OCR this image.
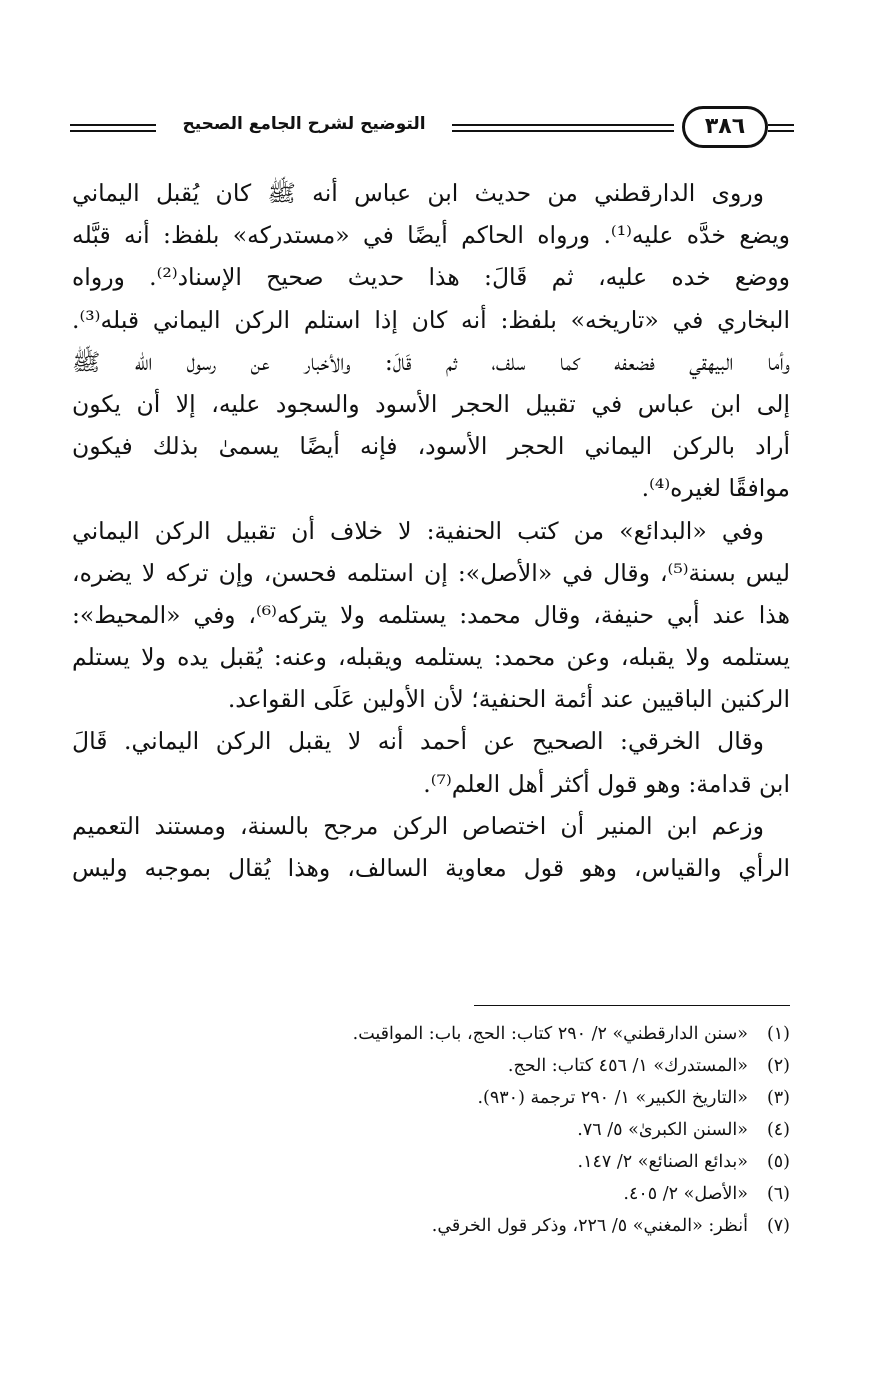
التوضيح لشرح الجامع الصحيح	٣٨٦
وروى الدارقطني من حديث ابن عباس أنه ﷺ كان يُقبل اليماني
ويضع خدَّه عليه⁽¹⁾. ورواه الحاكم أيضًا في «مستدركه» بلفظ: أنه قبَّله
ووضع خده عليه، ثم قَالَ: هذا حديث صحيح الإسناد⁽²⁾. ورواه
البخاري في «تاريخه» بلفظ: أنه كان إذا استلم الركن اليماني قبله⁽³⁾.
وأما البيهقي فضعفه كما سلف، ثم قَالَ: والأخبار عن رسول الله ﷺ
إلى ابن عباس في تقبيل الحجر الأسود والسجود عليه، إلا أن يكون
أراد بالركن اليماني الحجر الأسود، فإنه أيضًا يسمىٰ بذلك فيكون
موافقًا لغيره⁽⁴⁾.
وفي «البدائع» من كتب الحنفية: لا خلاف أن تقبيل الركن اليماني
ليس بسنة⁽⁵⁾، وقال في «الأصل»: إن استلمه فحسن، وإن تركه لا يضره،
هذا عند أبي حنيفة، وقال محمد: يستلمه ولا يتركه⁽⁶⁾، وفي «المحيط»:
يستلمه ولا يقبله، وعن محمد: يستلمه ويقبله، وعنه: يُقبل يده ولا يستلم
الركنين الباقيين عند أئمة الحنفية؛ لأن الأولين عَلَى القواعد.
وقال الخرقي: الصحيح عن أحمد أنه لا يقبل الركن اليماني. قَالَ
ابن قدامة: وهو قول أكثر أهل العلم⁽⁷⁾.
وزعم ابن المنير أن اختصاص الركن مرجح بالسنة، ومستند التعميم
الرأي والقياس، وهو قول معاوية السالف، وهذا يُقال بموجبه وليس
(١)«سنن الدارقطني» ٢/ ٢٩٠ كتاب: الحج، باب: المواقيت.
(٢)«المستدرك» ١/ ٤٥٦ كتاب: الحج.
(٣)«التاريخ الكبير» ١/ ٢٩٠ ترجمة (٩٣٠).
(٤)«السنن الكبرىٰ» ٥/ ٧٦.
(٥)«بدائع الصنائع» ٢/ ١٤٧.
(٦)«الأصل» ٢/ ٤٠٥.
(٧)أنظر: «المغني» ٥/ ٢٢٦، وذكر قول الخرقي.
